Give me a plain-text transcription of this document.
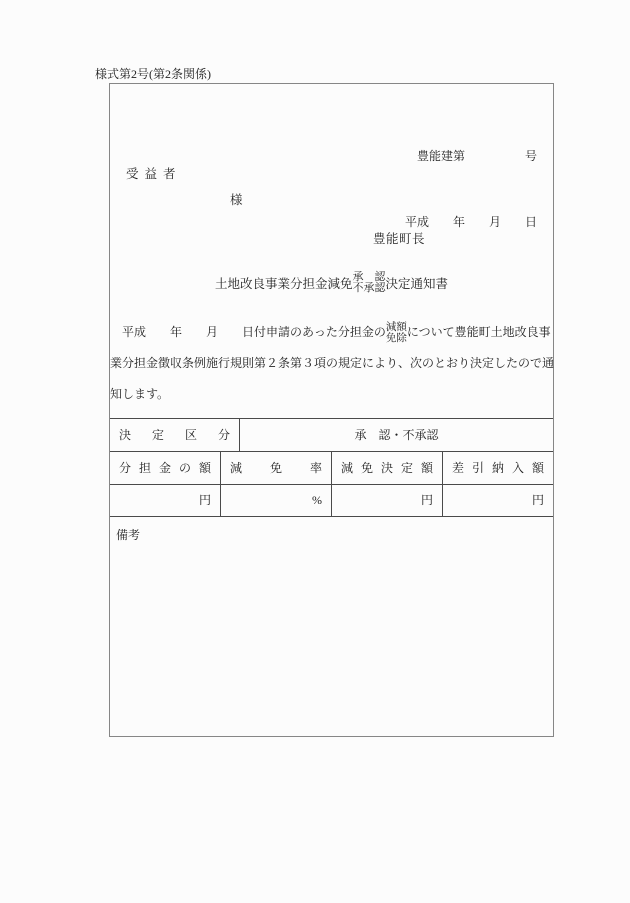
様式第2号(第2条関係)

豊能建第　　　　　号

平成　　年　　月　　日

受益者
様
豊能町長
土地改良事業分担金減免
承　認
不承認 決定通知書
　平成　　年　　月　　日付申請のあった分担金の 減額
免除 について豊能町土地改良事
業分担金徴収条例施行規則第２条第３項の規定により、次のとおり決定したので通
知します。
決定区分	承　認・不承認
分担金の額	減免率	減免決定額	差引納入額
円	%	円	円
備考
